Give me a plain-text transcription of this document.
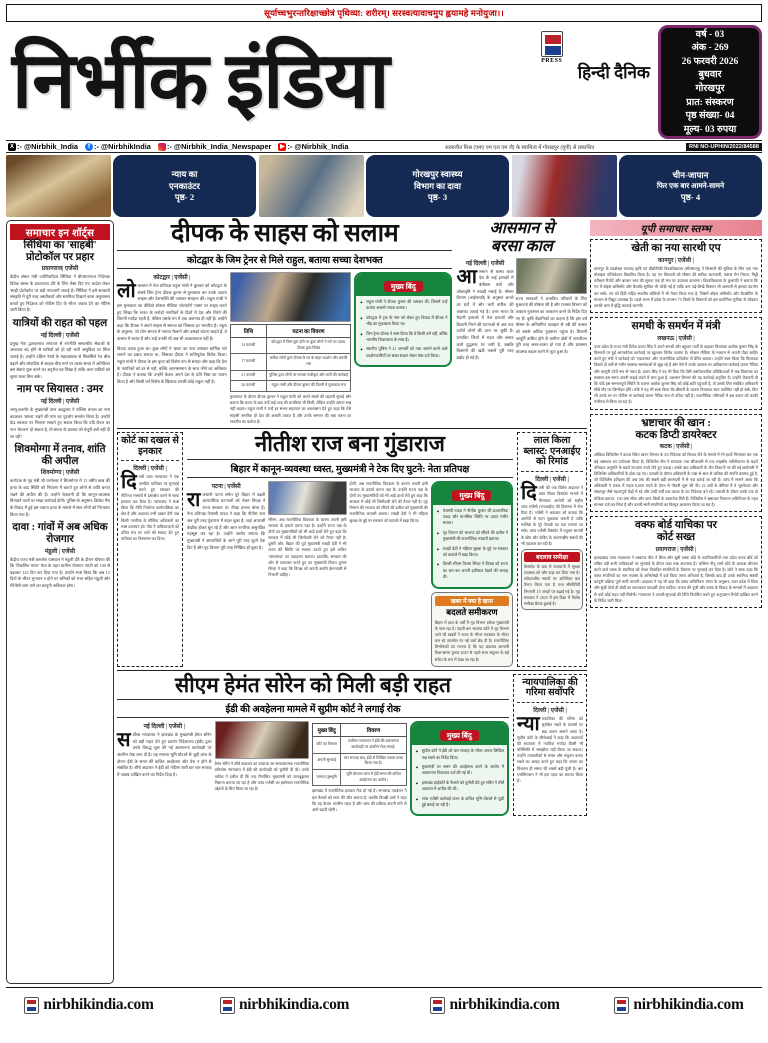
सूर्याच्चभुरन्तरिक्षाच्छोत्रं पृथिव्या: शरीरम्। सरस्वत्यावाचमुप ह्वयामहे मनोयुजा।।
निर्भीक इंडिया	PRESS
हिन्दी दैनिक
वर्ष - 03
अंक - 269
26 फरवरी 2026
बुधवार
गोरखपुर
प्रात: संस्करण
पृष्ठ संख्या- 04
मूल्य- 03 रुपया
X :- @Nirbhik_India	f :- @NirbhikIndia :- @Nirbhik_India_Newspaper ▶ :- @Nirbhik_India	सरबजीत मिश्र (एमए एम एल एम जे) के स्वामित्व में गोरखपुर (यूपी) से प्रकाशित	RNI NO-UPHIN/2022/84588
न्याय का
एनकाउंटर
पृष्ठ- 2
गोरखपुर स्वास्थ्य
विभाग का दावा
पृष्ठ- 3
चीन-जापान
फिर एक बार आमने-सामने
पृष्ठ- 4
समाचार इन शॉर्ट्स
सिंधिया का 'साहबी' प्रोटोकॉल पर प्रहार
प्रयागराज| एजेंसी
केंद्रीय संचार मंत्री ज्योतिरादित्य सिंधिया ने बीएसएनएल निदेशक विवेक बंसल के प्रयागराज दौरे के लिए जैसा दिए गए आदेश लेकर 'साही प्रोटोकॉल पर बड़ी नाराजगी जताई है। सिंधिया ने इसे सरकारी संस्कृति में पूरी तरह अस्वीकार्य और स्वामित्व दिखाने वाला अनुशासन बताते हुए निदेशक को नोटिस दिए के भीतर जवाब देने का नोटिस जारी किया है।
यात्रियों की राहत को पहल
नई दिल्ली | एजेंसी
प्रमुख नेता द्वारकानाथ लगातार से रणनीति सम्बन्धीय सेवाओं के अचानक बंद होने से यात्रियों को हो रही भारी असुविधा पर चिंता जताई है। उन्होंने दक्षिण रेलवे के महाप्रबंधक से सिलसिले रेल बीच बढ़ाने और लोकप्रिय से शाहल-वीच मार्ग पर व्यस्त समय में अतिरिक्त बस सेवाएं शुरू करने का अनुरोध पत्र लिखा है ताकि आम यात्रियों को सुगम यात्रा मिल सके।
नाम पर सियासत : उमर
नई दिल्ली | एजेंसी
जम्मू-कश्मीर के मुख्यमंत्री उमर अब्दुल्ला ने पश्चिम बंगाल का नाम बदलकर 'बांग्ला' रखने की मांग का पुरजोर समर्थन किया है। उन्होंने केंद्र सरकार पर निशाना साधते हुए सवाल किया कि यदि केरल का नाम 'केरलम' हो सकता है, तो बंगाल के प्रस्ताव को मंजूरी क्यों नहीं दी जा रही?
शिवमोग्गा में तनाव, शांति की अपील
शिवमोग्गा | एजेंसी
कर्नाटक के गृह मंत्री जी परमेश्वर ने शिवमोग्गा में 15 वर्षीय छात्र की हत्या के बाद स्थिति को नियंत्रण में बताते हुए लोगों से शांति बनाए रखने की अपील की है। उन्होंने चेतावनी दी कि कानून-व्यवस्था बिगाड़ने वालों पर सख्त कार्रवाई होगी। पुलिस के अनुसार, क्रिकेट मैच के विवाद में हुई इस जघन्य हत्या के मामले में सात लोगों को गिरफ्तार किया गया है।
दावा : गांवों में अब अधिक रोजगार
मंडुली | एजेंसी
केंद्रीय राज्य मंत्री कमलेश पासवान ने मंडुली दौरे के दौरान घोषणा की कि 'विकसित भारत' फेज के तहत ग्रामीण रोजगार गारंटी को 100 से बढ़ाकर 125 दिन कर दिया गया है। उन्होंने स्पष्ट किया कि अब 15 दिनों के भीतर भुगतान न होने पर श्रमिकों को भत्ता सहित मंडुली और मेंटेनेंसी जमा पाने का कानूनी अधिकार होगा।
दीपक के साहस को सलाम
कोटद्वार के जिम ट्रेनर से मिले राहुल, बताया सच्चा देशभक्त
कोटद्वार | एजेंसी |
लोकसभा में नेता प्रतिपक्ष राहुल गांधी ने बुधवार को कोटद्वार के संघर्ष जिम ट्रेनर दीपक कुमार से मुलाकात कर उनके अदम्य साहस और देशभक्ति की जमकर सराहना की। राहुल गांधी ने इस मुलाकात का वीडियो सोशल मीडिया प्लेटफॉर्म 'एक्स' पर साझा करते हुए लिखा कि भारत के करोड़ों नागरिकों के दिलों में देश और तिरंगे की जितनी मर्यादा रहती है, लेकिन उसके मन में एक अलगाव ही नहीं है। उन्होंने कहा कि दीपक ने अपने साहस से समाज को जिसका हर भारतीय है। राहुल के अनुसार, जो लोग समाज में नफरत फैलाने और उसको बांटना चाहते हैं, वे वास्तव में कायर हैं और उन्हें उनकी थी अब भी आवश्यकता नहीं है।
विवाद उत्पन्न हुआ था। कुछ लोगों ने 'बाबा' का नारा लगाकर धार्मिक नारे लगाने का दबाव बनाया था, जिसका दीपक ने शांतिपूर्वक विरोध किया। राहुल गांधी ने दीपक के इस कृत्य को विशेष रूप से सराहा और कहा कि देश के नागरिकों को डर से नहीं, बल्कि आत्मसम्मान के साथ जीने का अधिकार है। दीपक ने बताया कि उन्होंने केवल अपने देश के प्रति निष्ठा का पालन किया है और किसी वर्ग विशेष के खिलाफ उनकी कोई शत्रुता नहीं है।
तिथि	घटना का विवरण
14 फरवरी	कोटद्वार में जिम शुरू होने पर कुछ लोगों ने नारे पर दबाव, दीपक द्वारा विरोध
17 फरवरी	कथित लोगों द्वारा दीपक के घर के बाहर प्रदर्शन और धमकी भरा
21 फरवरी	पुलिस द्वारा लोगों पर मामला पंजीकृत और भारी की कार्रवाई
26 फरवरी	राहुल गांधी और दीपक कुमार की दिल्ली में मुलाकात मंच
मुलाकात के दौरान दीपक कुमार ने राहुल गांधी को अपने संघर्ष की कहानी सुनाई और बताया कि घटना के बाद उन्हें कई तरह की धमकियां भी मिलीं, लेकिन उन्होंने अपना रुख नहीं बदला। राहुल गांधी ने उन्हें हर संभव सहायता का आश्वासन देते हुए कहा कि ऐसे साहसी नागरिक ही देश की असली ताकत हैं और उनके सम्मान की रक्षा करना हर भारतीय का कर्तव्य है।
मुख्य बिंदु
• राहुल गांधी ने दीपक कुमार की जमकर की, जिसमें उन्हें बताया असली नायक बताया।
• कोटद्वार में ट्रक के नाम को लेकर हुए विवाद में दीपक ने भीड़ का मुकाबला किया था।
• जिम ट्रेनर दीपक ने स्पष्ट किया कि वे किसी धर्म नहीं, बल्कि भारतीय विचारधारा के साथ है।
• स्थानीय पुलिस ने 21 अभ्यर्थी को तथा आमने करने वाले प्रदर्शनकारियों पर सख्त संज्ञान लेकर केस दर्ज किया।
आसमान से
बरसा काल
नई दिल्ली | एजेंसी
आसमान से बरसा काल देश के कई इलाकों में बेमौसम वर्षा और ओलावृष्टि ने तबाही मचाई है। मौसम विभाग (आईएमडी) के अनुसार अगले 48 घंटों में और भारी बारिश की आशंका जताई गई है। उत्तर भारत के मैदानी इलाकों में तेज हवाओं और बिजली गिरने की घटनाओं से अब तक दर्जनों लोगों की जान जा चुकी है। प्रभावित जिलों में राहत और बचाव कार्य युद्धस्तर पर जारी है, जबकि किसानों की खड़ी फसलें पूरी तरह बर्बाद हो गई हैं।
राज्य सरकारों ने प्रभावित परिवारों के लिए मुआवजे की घोषणा की है और राजस्व विभाग को तत्काल नुकसान का आकलन करने के निर्देश दिए गए हैं। कृषि वैज्ञानिकों का कहना है कि इस वर्ष मौसम के अनियमित व्यवहार से रबी की फसल को सबसे अधिक नुकसान पहुंचा है। बिजली आपूर्ति बाधित होने से ग्रामीण क्षेत्रों में जनजीवन पूरी तरह अस्त-व्यस्त हो गया है और प्रशासन व्यवस्था बहाल करने में जुटा हुआ है।
कोर्ट का दखल से इनकार
दिल्ली | एजेंसी |
दिल्ली उच्च न्यायालय ने एक जनहित याचिका पर सुनवाई करते हुए सरकार की नीतिगत मामलों में हस्तक्षेप करने से साफ इनकार कर दिया है। न्यायालय ने स्पष्ट किया कि नीति निर्धारण कार्यपालिका का क्षेत्र है और अदालत तभी दखल देगी जब किसी नागरिक के मौलिक अधिकारों का स्पष्ट उल्लंघन हो। पीठ ने याचिकाकर्ता को उचित मंच पर जाने की सलाह देते हुए याचिका का निस्तारण कर दिया।
नीतीश राज बना गुंडाराज
बिहार में कानून-व्यवस्था ध्वस्त, मुख्यमंत्री ने टेक दिए घुटने: नेता प्रतिपक्ष
पटना | एजेंसी
राजधानी पटना समेत पूरे बिहार में बढ़ती आपराधिक घटनाओं को लेकर विपक्ष ने राज्य सरकार पर तीखा हमला बोला है। नेता प्रतिपक्ष तेजस्वी यादव ने कहा कि नीतीश राज अब पूरी तरह गुंडाराज में बदल चुका है, जहां अपराधी बेखौफ होकर घूम रहे हैं और आम नागरिक असुरक्षित महसूस कर रहा है। उन्होंने आरोप लगाया कि मुख्यमंत्री ने अपराधियों के आगे पूरी तरह घुटने टेक दिए हैं और गृह विभाग पूरी तरह निष्क्रिय हो चुका है।
सीएम, अब राजनीतिक विवशता के कारण अपनी इसी भाजपा के हवाले करना पड़ा है। उन्होंने राज्य पक्ष के दोनों उप मुख्यमंत्रियों को भी आड़े हाथों लेते हुए कहा कि सरकार में कोई भी जिम्मेदारी लेने को तैयार नहीं है। दूसरी ओर, बिहार की पूर्व मुख्यमंत्री राबड़ी देवी ने भी राज्य की स्थिति पर सवाल उठाते हुए इसे कथित 'जंगलराज' का उदाहरण बताया। हालांकि, सरकार की ओर से पलटवार करते हुए उप मुख्यमंत्री विजय कुमार सिन्हा ने कहा कि विपक्ष को अपनी अवधि ईमानदारी से निभानी चाहिए।
होगी, अब राजनीतिक विवशता के कारण अपनी इसी भाजपा के हवाले करना पड़ा है। उन्होंने राज्य पक्ष के दोनों उप मुख्यमंत्रियों को भी आड़े हाथों लेते हुए कहा कि सरकार में कोई भी जिम्मेदारी लेने की तैयार नहीं है। गृह विभाग की भाजपा को सौंपने की दलील को मुख्यमंत्री की राजनीतिक लाचारी बताया। राबड़ी देवी ने भी महिला सुरक्षा के मुद्दे पर सरकार को कठघरे में खड़ा किया।
मुख्य बिंदु
• तेजस्वी यादव ने नीतीश कुमार की प्रशासनिक पकड़ और मानसिक स्थिति पर उठाए गंभीर सवाल।
• गृह विभाग को भाजपा को सौंपने की दलील ने मुख्यमंत्री की राजनीतिक लाचारी बताया।
• राबड़ी देवी ने महिला सुरक्षा के मुद्दे पर सरकार को कठघरे में खड़ा किया।
• दिल्ली सीएम विजय सिन्हा ने विपक्ष को राज्य का भ्रम कर अपनी हकीकत देखने की सलाह दी।
खबर में क्या है खास
बदलते समीकरण
बिहार में हाल के वर्षों में गृह विभाग हमेशा मुख्यमंत्री के पास रहा है। पहली बार भाजपा कोटे में गृह विभाग जाने की खबरों ने राज्य के भीतर गठबंधन के भीतर चल रहे तालमेल पर नई चर्चा छेड़ दी है। राजनीतिक विश्लेषकों का मानना है कि यह बदलाव आगामी विधानसभा चुनाव 2025 से पहले सत्ता संतुलन के बड़े संकेत के रूप में देखा जा रहा है।
लाल किला
ब्लास्ट: एनआईए
को रिमांड
दिल्ली | एजेंसी |
दिल्ली की एक विशेष अदालत ने लाल किला विस्फोट मामले में गिरफ्तार आरोपी को राष्ट्रीय जांच एजेंसी (एनआईए) की हिरासत में भेज दिया है। एजेंसी ने अदालत को बताया कि आरोपी से गहन पूछताछ जरूरी है ताकि साजिश के पूरे नेटवर्क का पता लगाया जा सके। जांच एजेंसी विस्फोट में प्रयुक्त सामग्री के स्रोत और फंडिंग के अंतरराष्ट्रीय संबंधों की भी पड़ताल कर रही है।
बदलाव समीक्षा
विस्फोट के बाद से राजधानी में सुरक्षा व्यवस्था को और कड़ा कर दिया गया है। संवेदनशील स्थानों पर अतिरिक्त बल तैनात किया गया है तथा सीसीटीवी निगरानी 15 जगहों पर बढ़ाई गई है। गृह मंत्रालय ने 2025 में इस दिशा में विशेष समीक्षा बैठक बुलाई है।
सीएम हेमंत सोरेन को मिली बड़ी राहत
ईडी की अवहेलना मामले में सुप्रीम कोर्ट ने लगाई रोक
नई दिल्ली | एजेंसी |
सर्वोच्च न्यायालय ने झारखंड के मुख्यमंत्री हेमंत सोरेन को बड़ी राहत देते हुए प्रवर्तन निदेशालय (ईडी) द्वारा उनके विरुद्ध शुरू की गई अवमानना कार्यवाही पर अंतरिम रोक लगा दी है। यह मामला भूमि घोटाले से जुड़ी जांच के दौरान ईडी के समन की कथित अवहेलना और पेश न होने से संबंधित है। शीर्ष अदालत ने ईडी को नोटिस जारी कर चार सप्ताह में जवाब दाखिल करने का निर्देश दिया है।
हेमंत सोरेन ने शीर्ष अदालत का दरवाजा का सरकारात्मक राजनीतिक प्रतिशोध न्यायालय में ईडी की कार्यवाही को चुनौती दी थी। उनके वकील ने दलील दी कि एक निर्वाचित मुख्यमंत्री को जानबूझकर निशाना बनाया जा रहा है और जांच एजेंसी का इस्तेमाल राजनीतिक उद्देश्यों के लिए किया जा रहा है।
मुख्य बिंदु	विवरण
कोर्ट का फैसला	सर्वोच्च न्यायालय ने ईडी की अवमानना कार्यवाही पर अंतरिम रोक लगाई।
अगली सुनवाई	चार सप्ताह बाद, ईडी से लिखित जवाब तलब किया गया है।
मामला पृष्ठभूमि	भूमि घोटाला जांच में ईडी समन की कथित अवहेलना का आरोप।
झारखंड में राजनीतिक हलचल तेज हो गई है। सत्तारूढ़ गठबंधन ने इस फैसले को सत्य की जीत बताया है, जबकि विपक्षी दलों ने कहा कि यह केवल अंतरिम राहत है और जांच की प्रक्रिया अपनी गति से आगे बढ़ती रहेगी।
मुख्य बिंदु
• सुप्रीम कोर्ट ने ईडी को चार सप्ताह के भीतर अपना लिखित पक्ष रखने का निर्देश दिया।
• मुख्यमंत्री पर समन की अवहेलना करने के आरोप में अवमानना शिकायत दर्ज की गई थी।
• झारखंड हाईकोर्ट के फैसले को चुनौती देते हुए सोरेन ने शीर्ष अदालत में अपील की थी।
• जांच एजेंसी कार्रवाई राज्य के कथित भूमि घोटाले से जुड़ी हुई बताई जा रही है।
न्यायपालिका की
गरिमा सर्वोपरि
दिल्ली | एजेंसी |
न्यायपालिका की गरिमा को सुरक्षित रखने के प्रयासों पर बड़ा बयान सामने आया है। सुप्रीम कोर्ट के सीजेआई ने कहा कि अदालतों की स्वतंत्रता में न्यायिक मर्यादा किसी भी परिस्थिति में समझौता नहीं किया जा सकता। उन्होंने न्यायाधीशों से संयम और संतुलन बनाए रखने का आग्रह करते हुए कहा कि जनता का विश्वास ही संस्था की सबसे बड़ी पूंजी है। बार एसोसिएशन ने भी इस पहल का स्वागत किया है।
यूपी समाचार स्तम्भ
खेती का नया सारथी एप
कानपुर | एजेंसी |
कानपुर के चंद्रशेखर आजाद कृषि एवं प्रौद्योगिकी विश्वविद्यालय (सीएसएयू) ने किसानों की सुविधा के लिए एक नया मोबाइल एप्लिकेशन विकसित किया है। यह एप किसानों को मौसम की सटीक जानकारी, फसल रोग निदान, मिट्टी परीक्षण रिपोर्ट और बाजार भाव की सूचना एक ही मंच पर उपलब्ध कराएगा। विश्वविद्यालय के कुलपति ने बताया कि एप में वॉइस असिस्टेंट और चैटबॉट सुविधा भी जोड़ी गई है ताकि कम पढ़े-लिखे किसान भी आसानी से इसका उपयोग कर सकें। एप को हिंदी सहित स्थानीय बोलियों में भी तैयार किया गया है, जिसमें वॉइस असिस्टेंट और चैटबॉटिंग के माध्यम से विद्युत उपलब्ध है। पहले चरण में प्रदेश के लगभग 75 जिलों के किसानों को इस प्रायोगिक सुविधा से जोड़कर उनकी आय में वृद्धि करवाई जाएगी।
समधी के समर्थन में मंत्री
लखनऊ | एजेंसी |
उत्तर प्रदेश के राज्य मंत्री दिनेश प्रताप सिंह ने अपने समधी और बहुजन पार्टी के कद्दावर विधायक अशोक कुमार सिंह के किसानों पर हुई आपराधिक कार्रवाई पर खुलकर विरोध जताया है। सोशल मीडिया के माध्यम से अपनी पीड़ा जाहिर करते हुए मंत्री ने कार्रवाई को 'एकतरफा' और 'राजनीतिक प्रतिशोध' से प्रेरित बताया। उन्होंने स्पष्ट किया कि विधायक पिछले दो वर्षों से गंभीर स्वास्थ्य समस्याओं से जूझ रहे हैं और ऐसे में उनके आवास पर अतिक्रमण कार्रवाई करना नैतिक और कानूनी दोनों रूप से गलत है। प्रताप सिंह ने यह भी दिया कि ऐसी असंवेदनशील प्रतिक्रियाओं में जब विधायक का स्वास्थ्य इस समय अपनी लड़ाई लड़ने में लगा हुआ है, प्रशासन विभाग की यह कार्रवाई अनुचित है। उन्होंने चेतावनी दी कि यदि इस सम्मानपूर्ण स्थिति के कारण अशोक कुमार सिंह को कोई क्षति पहुंचती है, तो उसके लिए संबंधित अधिकारी सीधे तौर पर जिम्मेदार होंगे। मंत्री ने यह भी स्पष्ट किया कि बीमारी के कारण विधायक स्वयं उपस्थित नहीं हो सके, फिर भी उनके घर पर नोटिस या कार्रवाई करना नैतिक रूप से उचित नहीं है। राजनीतिक गलियारों में इस बयान को काफी गंभीरता से लिया जा रहा है।
भ्रष्टाचार की खान :
कटक डिप्टी डायरेक्टर
कटक | एजेंसी |
ओडिशा विजिलेंस ने कटक स्थित खनन विभाग के उप निदेशक को रिश्वत लेने के मामले में रंगे हाथों गिरफ्तार कर एक बड़े भ्रष्टाचार का पर्दाफाश किया है। विजिलेंस टीम ने संवादक तथा लीजधारी से एक लाइसेंस नवीनीकरण के बदले परिवहन अनुमति के बदले 50,000 रुपये लेते हुए पकड़ा। उसके बाद अधिकारी के तीन ठिकानों पर की गई छापेमारी में विजिलेंस अधिकारियों के होश उड़ गए। तलाशी के दौरान अधिकारी के पास से आय से अधिक की संपत्ति बरामद हुई है, जो विजिलेंस इतिहास की अब तक की सबसे बड़ी बरामदगी में से एक बताई जा रही है। जांच में सामने आया कि अधिकारी ने 2004 में महज 8,000 रुपये के वेतन से नौकरी शुरू की थी। 22 वर्षों के कॅरियर में वे भुवनेश्वर और संबलपुर जैसे महत्वपूर्ण केंद्रों में रहे और उन्हीं वर्षों तक कटक के उप निदेशक बने रहे। तलाशी के दौरान उनके एक दो मंजिला इमारत, 130 ग्राम सोना और अन्य जिलों के दस्तावेज मिले हैं। विजिलेंस ने भ्रष्टाचार निवारण अधिनियम के तहत मामला दर्ज कर लिया है और उनकी सारी संपत्तियों का विस्तृत आकलन किया जा रहा है।
वक्फ बोर्ड याचिका पर
कोर्ट सख्त
प्रयागराज | एजेंसी |
इलाहाबाद उच्च न्यायालय ने लखनऊ पीठ ने शिया और सुन्नी वक्फ बोर्ड के पदाधिकारियों तथा प्रदेश वक्फ बोर्ड को लंबित पड़ी सभी याचिकाओं पर सुनवाई के दौरान कड़ा रुख अपनाया है। जस्टिस नीतू शर्मा कोर्ट के अध्यक्ष लौटकर करने वाले वक्फ के स्वामित्व को लेकर विवादित संपत्तियों के विवरण पर सुनवाई कर दिया है। कोर्ट ने साफ कहा कि वक्फ संपत्तियों का नाम राजस्व के अभिलेखों में दर्ज किया जाना अनिवार्य है, जिसके बाद ही उनके स्वामित्व संबंधी कानूनी प्रक्रिया पूर्ण मानी जाएगी। अदालत ने यह भी कहा कि वक्फ अधिनियम 1995 के अनुसार, उत्तर प्रदेश में शिया और सुन्नी दोनों ही बोर्डों का कामकाज पारदर्शी होना चाहिए। जनता की पूंजी और वक्फ के विवाद के मामलों में अदालत से उन्हें कोई राहत नहीं मिलेगी। न्यायालय ने अगली सुनवाई की तिथि निर्धारित करते हुए अनुपालन रिपोर्ट दाखिल करने के निर्देश जारी किए।
nirbhikindia.com	nirbhikindia.com	nirbhikindia.com	nirbhikindia.com
